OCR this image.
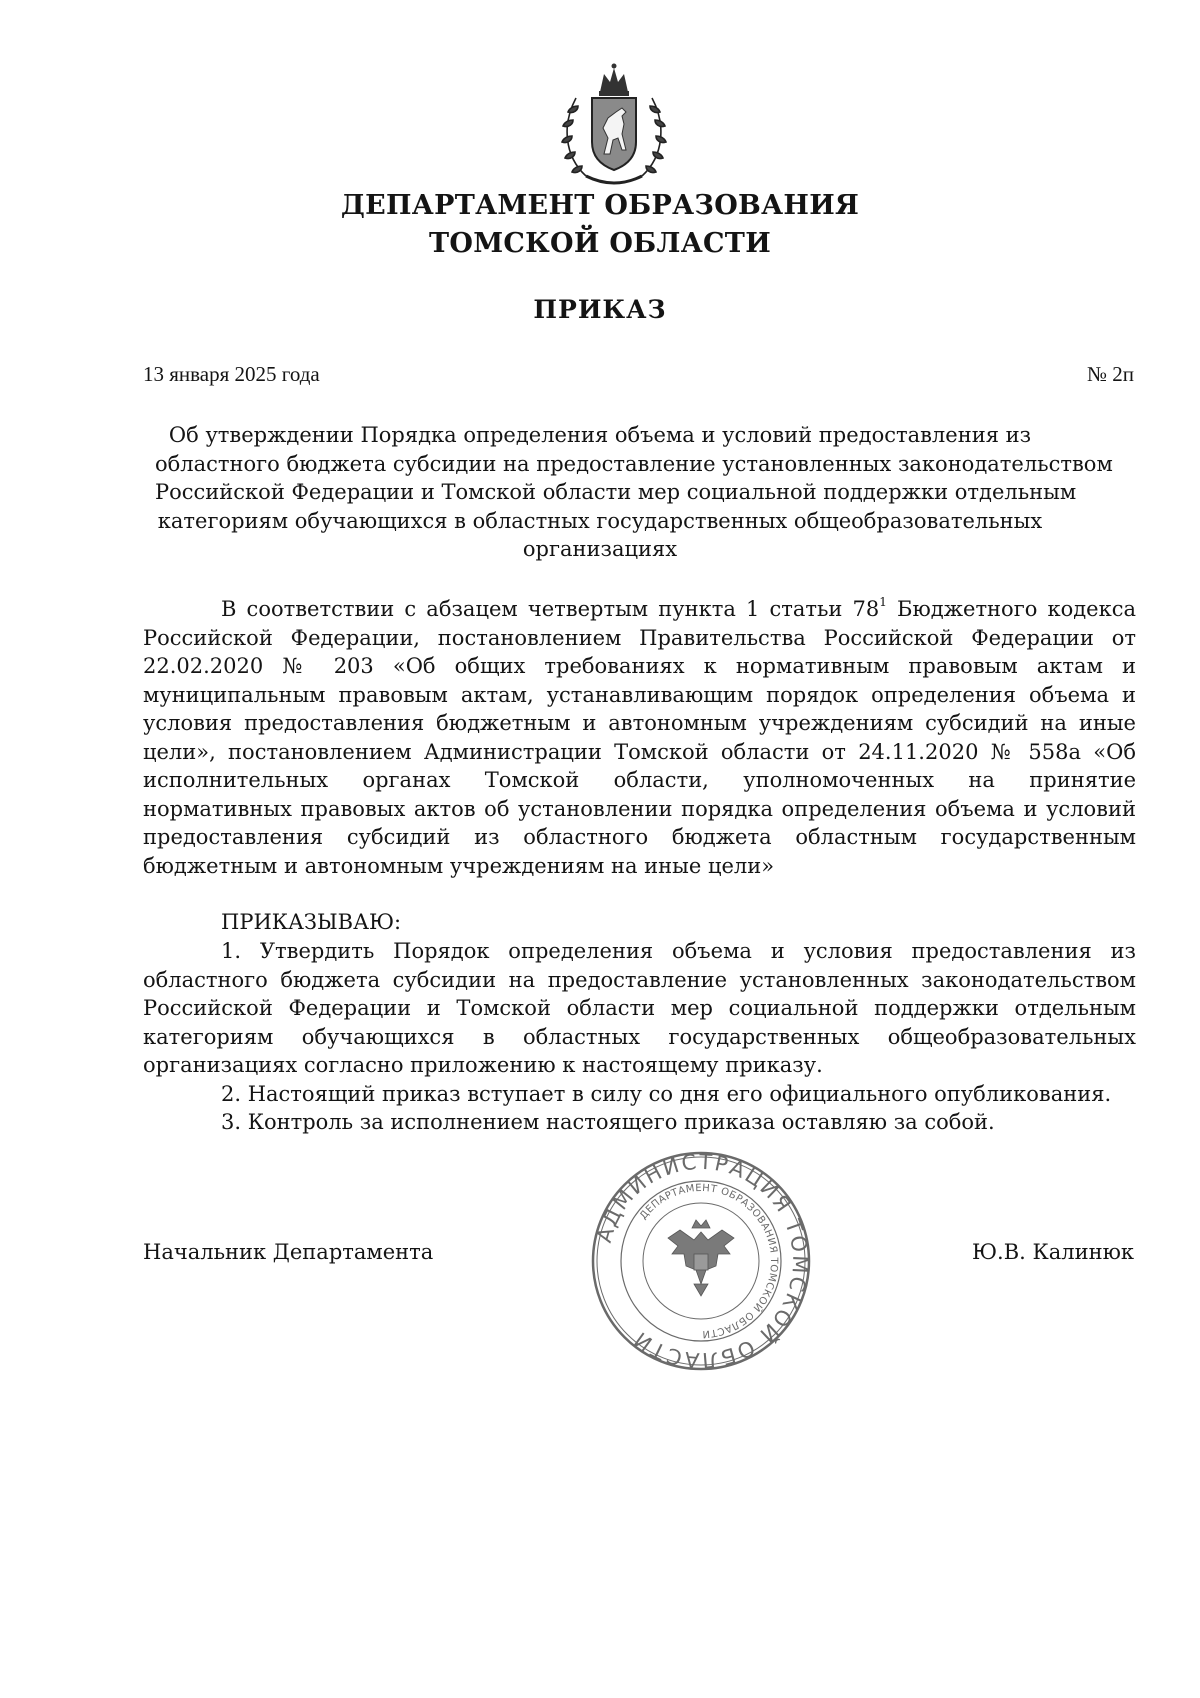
ДЕПАРТАМЕНТ ОБРАЗОВАНИЯ
ТОМСКОЙ ОБЛАСТИ
ПРИКАЗ
13 января 2025 года	№ 2п
Об утверждении Порядка определения объема и условий предоставления из
областного бюджета субсидии на предоставление установленных законодательством
Российской Федерации и Томской области мер социальной поддержки отдельным
категориям обучающихся в областных государственных общеобразовательных
организациях
В соответствии с абзацем четвертым пункта 1 статьи $78^1$ Бюджетного кодекса
Российской Федерации, постановлением Правительства Российской Федерации от
22.02.2020 № 203 «Об общих требованиях к нормативным правовым актам и
муниципальным правовым актам, устанавливающим порядок определения объема и
условия предоставления бюджетным и автономным учреждениям субсидий на иные
цели», постановлением Администрации Томской области от 24.11.2020 № 558а «Об
исполнительных органах Томской области, уполномоченных на принятие
нормативных правовых актов об установлении порядка определения объема и условий
предоставления субсидий из областного бюджета областным государственным
бюджетным и автономным учреждениям на иные цели»
ПРИКАЗЫВАЮ:
1. Утвердить Порядок определения объема и условия предоставления из
областного бюджета субсидии на предоставление установленных законодательством
Российской Федерации и Томской области мер социальной поддержки отдельным
категориям обучающихся в областных государственных общеобразовательных
организациях согласно приложению к настоящему приказу.
2. Настоящий приказ вступает в силу со дня его официального опубликования.
3. Контроль за исполнением настоящего приказа оставляю за собой.
АДМИНИСТРАЦИЯ ТОМСКОЙ ОБЛАСТИ
ДЕПАРТАМЕНТ ОБРАЗОВАНИЯ ТОМСКОЙ ОБЛАСТИ
Начальник Департамента	Ю.В. Калинюк
